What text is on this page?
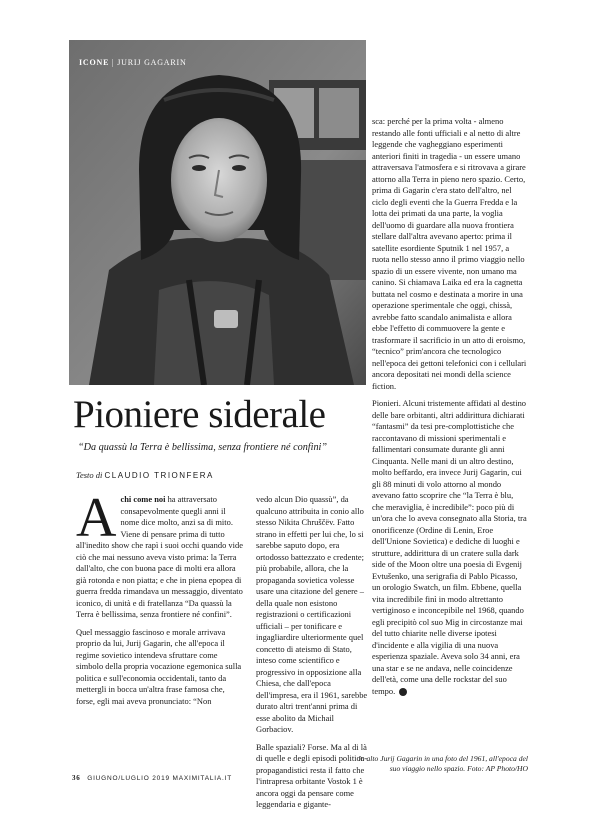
ICONE | JURIJ GAGARIN
Pioniere siderale
“Da quassù la Terra è bellissima, senza frontiere né confini”
Testo di CLAUDIO TRIONFERA

A chi come noi ha attraversato consapevolmente quegli anni il nome dice molto, anzi sa di mito. Viene di pensare prima di tutto all'inedito show che rapì i suoi occhi quando vide ciò che mai nessuno aveva visto prima: la Terra dall'alto, che con buona pace di molti era allora già rotonda e non piatta; e che in piena epopea di guerra fredda rimandava un messaggio, diventato iconico, di unità e di fratellanza “Da quassù la Terra è bellissima, senza frontiere né confini”.

Quel messaggio fascinoso e morale arrivava proprio da lui, Jurij Gagarin, che all'epoca il regime sovietico intendeva sfruttare come simbolo della propria vocazione egemonica sulla politica e sull'economia occidentali, tanto da mettergli in bocca un'altra frase famosa che, forse, egli mai aveva pronunciato: “Non

vedo alcun Dio quassù”, da qualcuno attribuita in conio allo stesso Nikita Chruščëv. Fatto strano in effetti per lui che, lo si sarebbe saputo dopo, era ortodosso battezzato e credente; più probabile, allora, che la propaganda sovietica volesse usare una citazione del genere – della quale non esistono registrazioni o certificazioni ufficiali – per tonificare e ingagliardire ulteriormente quel concetto di ateismo di Stato, inteso come scientifico e progressivo in opposizione alla Chiesa, che dall'epoca dell'impresa, era il 1961, sarebbe durato altri trent'anni prima di esse abolito da Michail Gorbaciov.

Balle spaziali? Forse. Ma al di là di quelle e degli episodi politico-propagandistici resta il fatto che l'intrapresa orbitante Vostok 1 è ancora oggi da pensare come leggendaria e gigante-

sca: perché per la prima volta - almeno restando alle fonti ufficiali e al netto di altre leggende che vagheggiano esperimenti anteriori finiti in tragedia - un essere umano attraversava l'atmosfera e si ritrovava a girare attorno alla Terra in pieno nero spazio. Certo, prima di Gagarin c'era stato dell'altro, nel ciclo degli eventi che la Guerra Fredda e la lotta dei primati da una parte, la voglia dell'uomo di guardare alla nuova frontiera stellare dall'altra avevano aperto: prima il satellite esordiente Sputnik 1 nel 1957, a ruota nello stesso anno il primo viaggio nello spazio di un essere vivente, non umano ma canino. Si chiamava Laika ed era la cagnetta buttata nel cosmo e destinata a morire in una operazione sperimentale che oggi, chissà, avrebbe fatto scandalo animalista e allora ebbe l'effetto di commuovere la gente e trasformare il sacrificio in un atto di eroismo, “tecnico” prim'ancora che tecnologico nell'epoca dei gettoni telefonici con i cellulari ancora depositati nei mondi della science fiction.

Pionieri. Alcuni tristemente affidati al destino delle bare orbitanti, altri addirittura dichiarati “fantasmi” da tesi pre-complottistiche che raccontavano di missioni sperimentali e fallimentari consumate durante gli anni Cinquanta. Nelle mani di un altro destino, molto beffardo, era invece Jurij Gagarin, cui gli 88 minuti di volo attorno al mondo avevano fatto scoprire che “la Terra è blu, che meraviglia, è incredibile”: poco più di un'ora che lo aveva consegnato alla Storia, tra onorificenze (Ordine di Lenin, Eroe dell'Unione Sovietica) e dediche di luoghi e strutture, addirittura di un cratere sulla dark side of the Moon oltre una poesia di Evgenij Evtušenko, una serigrafia di Pablo Picasso, un orologio Swatch, un film. Ebbene, quella vita incredibile finì in modo altrettanto vertiginoso e inconcepibile nel 1968, quando egli precipitò col suo Mig in circostanze mai del tutto chiarite nelle diverse ipotesi d'incidente e alla vigilia di una nuova esperienza spaziale. Aveva solo 34 anni, era una star e se ne andava, nelle coincidenze dell'età, come una delle rockstar del suo tempo.

In alto Jurij Gagarin in una foto del 1961, all'epoca del suo viaggio nello spazio. Foto: AP Photo/HO
36 GIUGNO/LUGLIO 2019 MAXIMITALIA.IT
